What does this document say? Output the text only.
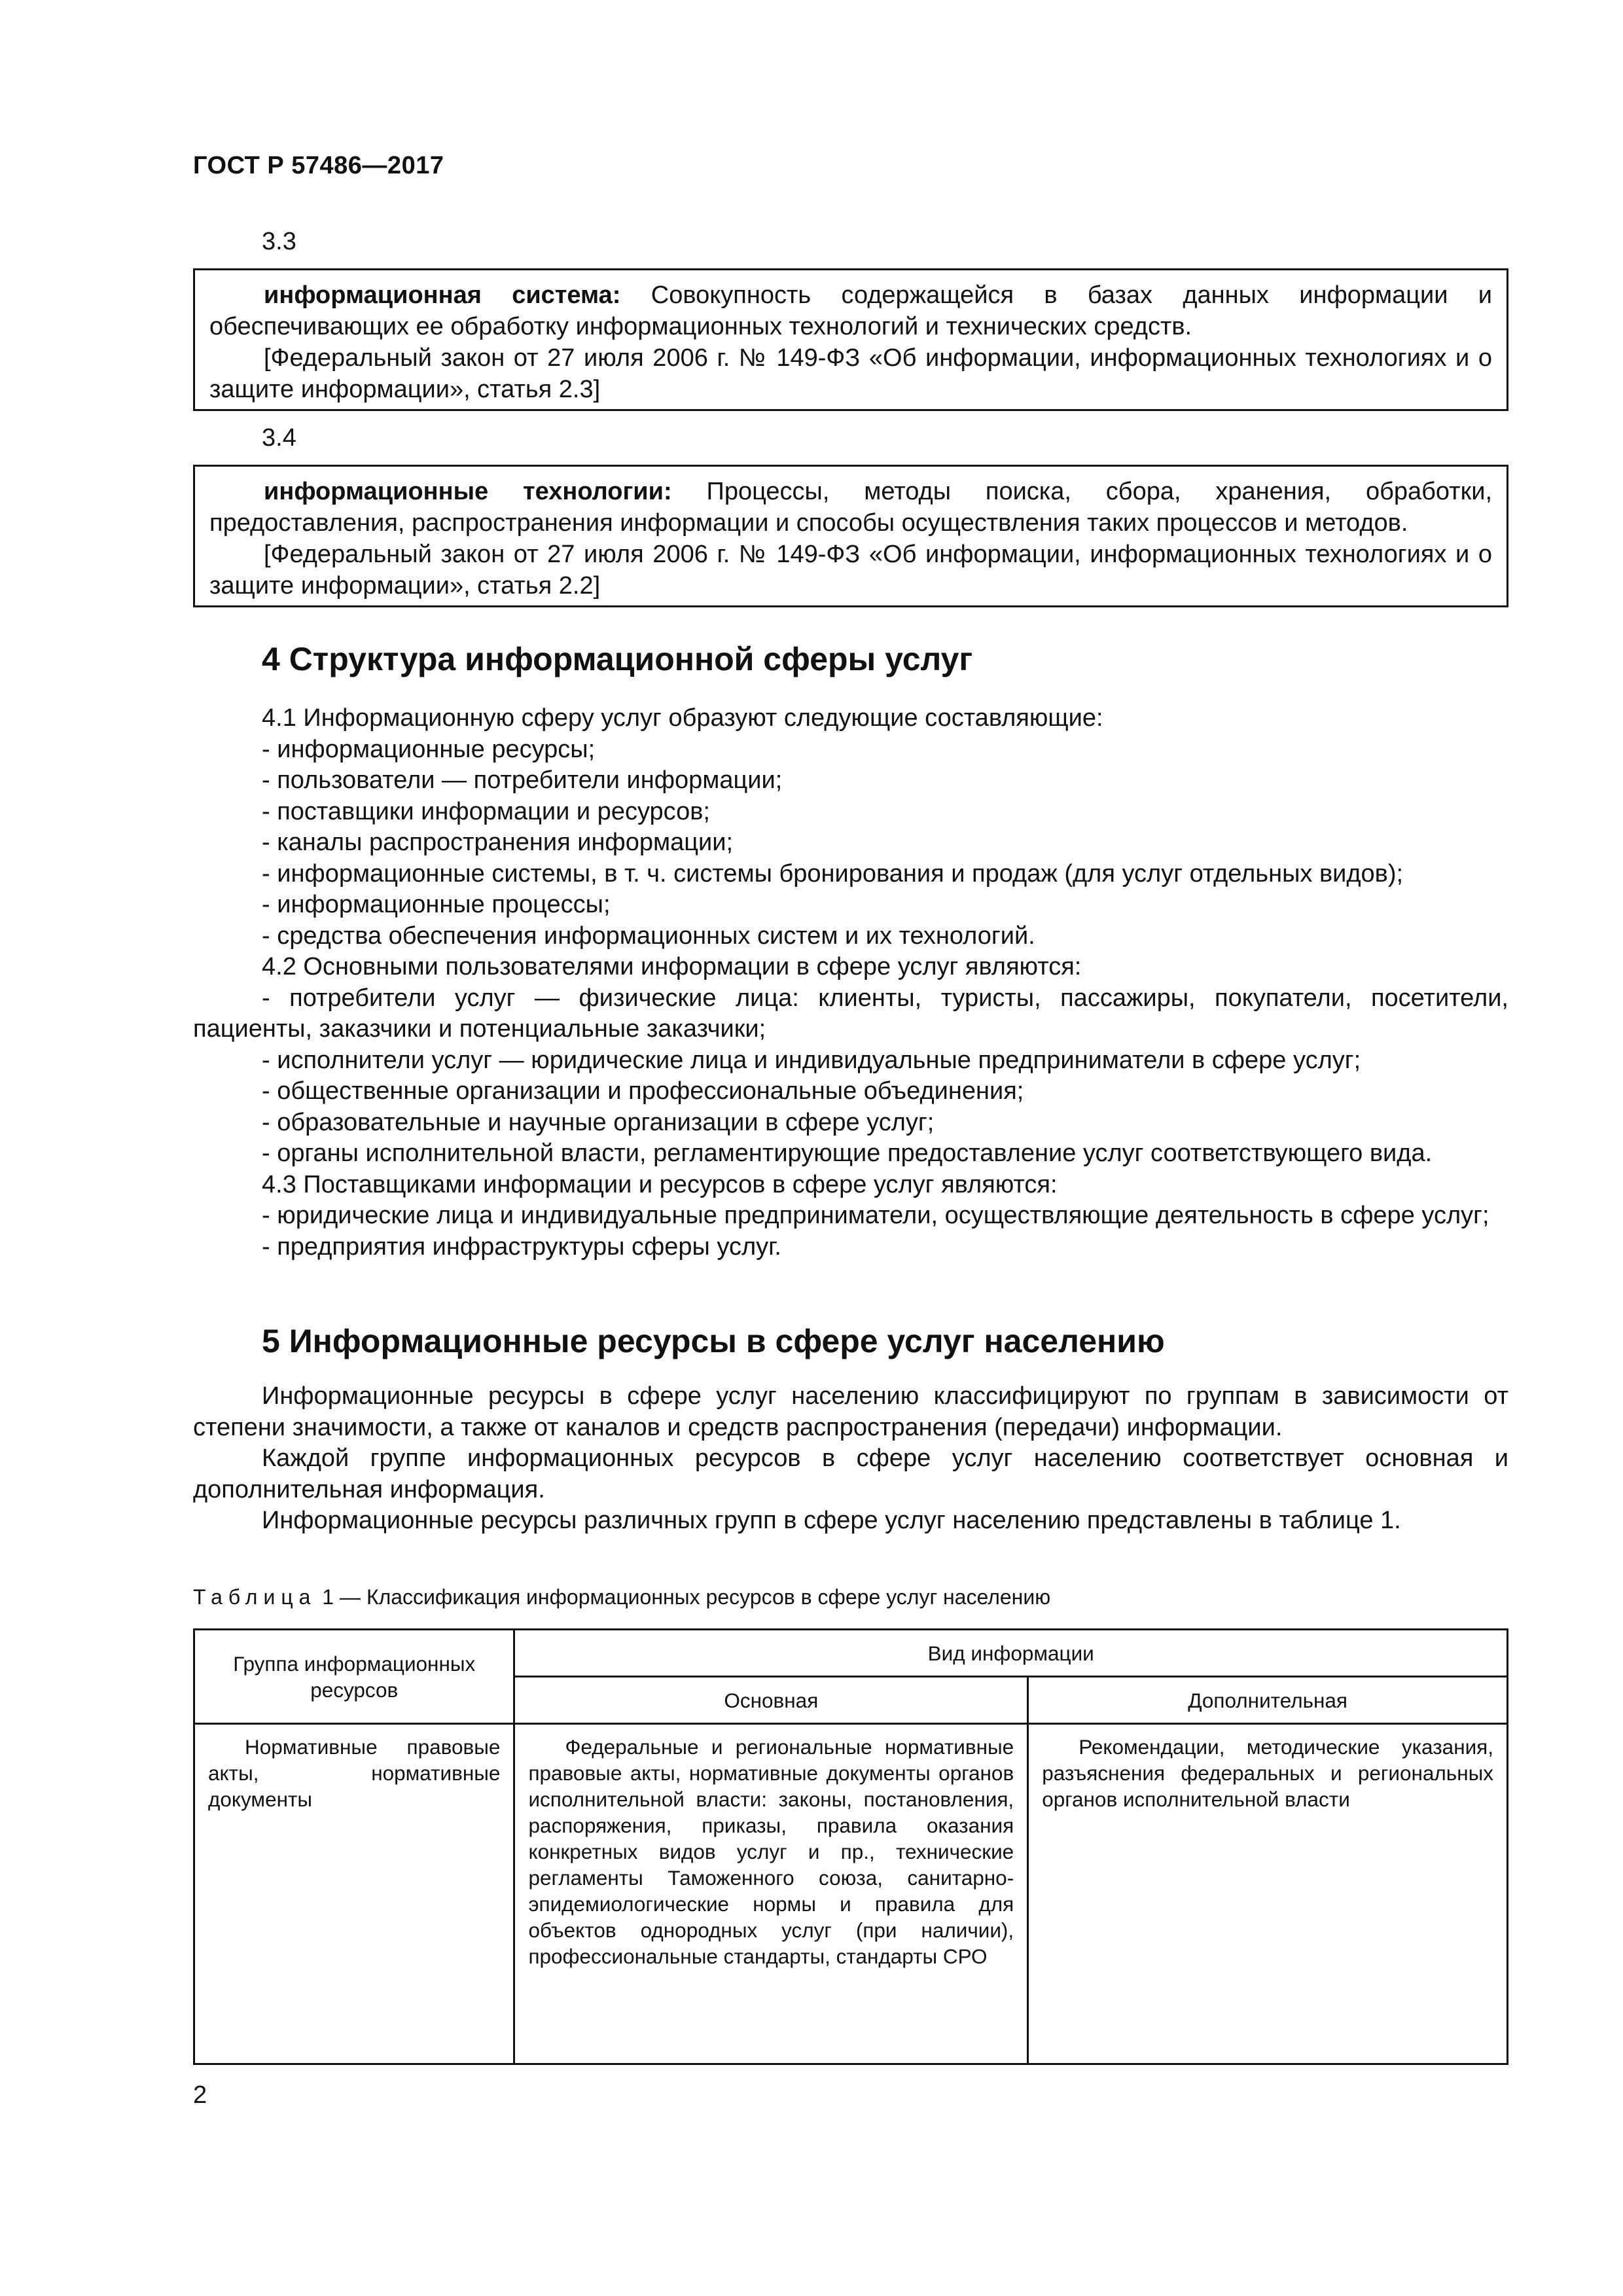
ГОСТ Р 57486—2017
3.3

информационная система: Совокупность содержащейся в базах данных информации и обеспечивающих ее обработку информационных технологий и технических средств.

[Федеральный закон от 27 июля 2006 г. № 149-ФЗ «Об информации, информационных технологиях и о защите информации», статья 2.3]

3.4

информационные технологии: Процессы, методы поиска, сбора, хранения, обработки, предоставления, распространения информации и способы осуществления таких процессов и методов.

[Федеральный закон от 27 июля 2006 г. № 149-ФЗ «Об информации, информационных технологиях и о защите информации», статья 2.2]

4 Структура информационной сферы услуг

4.1 Информационную сферу услуг образуют следующие составляющие:

- информационные ресурсы;

- пользователи — потребители информации;

- поставщики информации и ресурсов;

- каналы распространения информации;

- информационные системы, в т. ч. системы бронирования и продаж (для услуг отдельных видов);

- информационные процессы;

- средства обеспечения информационных систем и их технологий.

4.2 Основными пользователями информации в сфере услуг являются:

- потребители услуг — физические лица: клиенты, туристы, пассажиры, покупатели, посетители, пациенты, заказчики и потенциальные заказчики;

- исполнители услуг — юридические лица и индивидуальные предприниматели в сфере услуг;

- общественные организации и профессиональные объединения;

- образовательные и научные организации в сфере услуг;

- органы исполнительной власти, регламентирующие предоставление услуг соответствующего вида.

4.3 Поставщиками информации и ресурсов в сфере услуг являются:

- юридические лица и индивидуальные предприниматели, осуществляющие деятельность в сфере услуг;

- предприятия инфраструктуры сферы услуг.

5 Информационные ресурсы в сфере услуг населению

Информационные ресурсы в сфере услуг населению классифицируют по группам в зависимости от степени значимости, а также от каналов и средств распространения (передачи) информации.

Каждой группе информационных ресурсов в сфере услуг населению соответствует основная и дополнительная информация.

Информационные ресурсы различных групп в сфере услуг населению представлены в таблице 1.

Таблица 1 — Классификация информационных ресурсов в сфере услуг населению
Группа информационных ресурсов	Вид информации	
	Основная	Дополнительная

Нормативные правовые акты, нормативные документы	Федеральные и региональные нормативные правовые акты, нормативные документы органов исполнительной власти: законы, постановления, распоряжения, приказы, правила оказания конкретных видов услуг и пр., технические регламенты Таможенного союза, санитарно-эпидемиологические нормы и правила для объектов однородных услуг (при наличии), профессиональные стандарты, стандарты СРО	Рекомендации, методические указания, разъяснения федеральных и региональных органов исполнительной власти
2
